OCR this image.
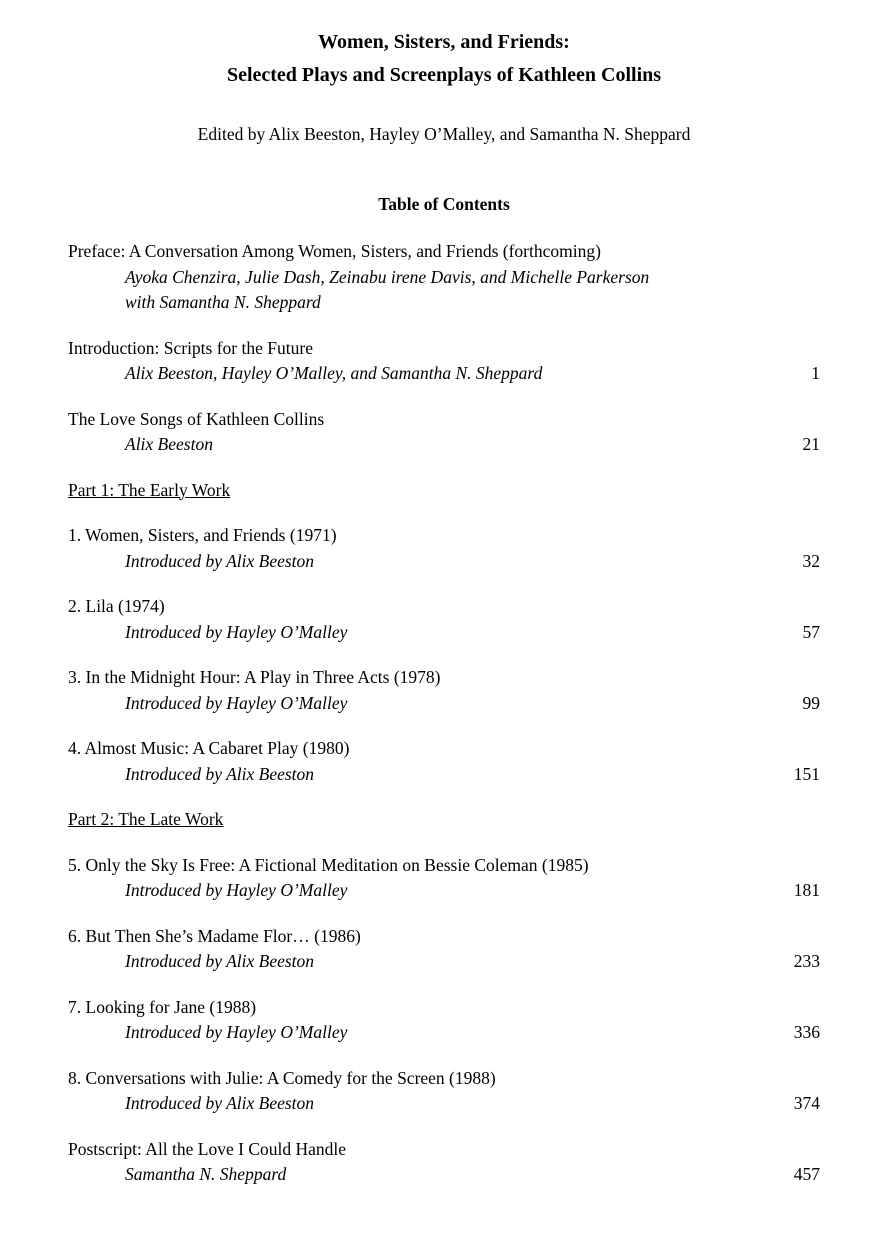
Women, Sisters, and Friends:
Selected Plays and Screenplays of Kathleen Collins

Edited by Alix Beeston, Hayley O’Malley, and Samantha N. Sheppard

Table of Contents
Preface: A Conversation Among Women, Sisters, and Friends (forthcoming)
Ayoka Chenzira, Julie Dash, Zeinabu irene Davis, and Michelle Parkerson
with Samantha N. Sheppard
Introduction: Scripts for the Future
Alix Beeston, Hayley O’Malley, and Samantha N. Sheppard	1
The Love Songs of Kathleen Collins
Alix Beeston	21
Part 1: The Early Work
1. Women, Sisters, and Friends (1971)
Introduced by Alix Beeston	32
2. Lila (1974)
Introduced by Hayley O’Malley	57
3. In the Midnight Hour: A Play in Three Acts (1978)
Introduced by Hayley O’Malley	99
4. Almost Music: A Cabaret Play (1980)
Introduced by Alix Beeston	151
Part 2: The Late Work
5. Only the Sky Is Free: A Fictional Meditation on Bessie Coleman (1985)
Introduced by Hayley O’Malley	181
6. But Then She’s Madame Flor… (1986)
Introduced by Alix Beeston	233
7. Looking for Jane (1988)
Introduced by Hayley O’Malley	336
8. Conversations with Julie: A Comedy for the Screen (1988)
Introduced by Alix Beeston	374
Postscript: All the Love I Could Handle
Samantha N. Sheppard	457
